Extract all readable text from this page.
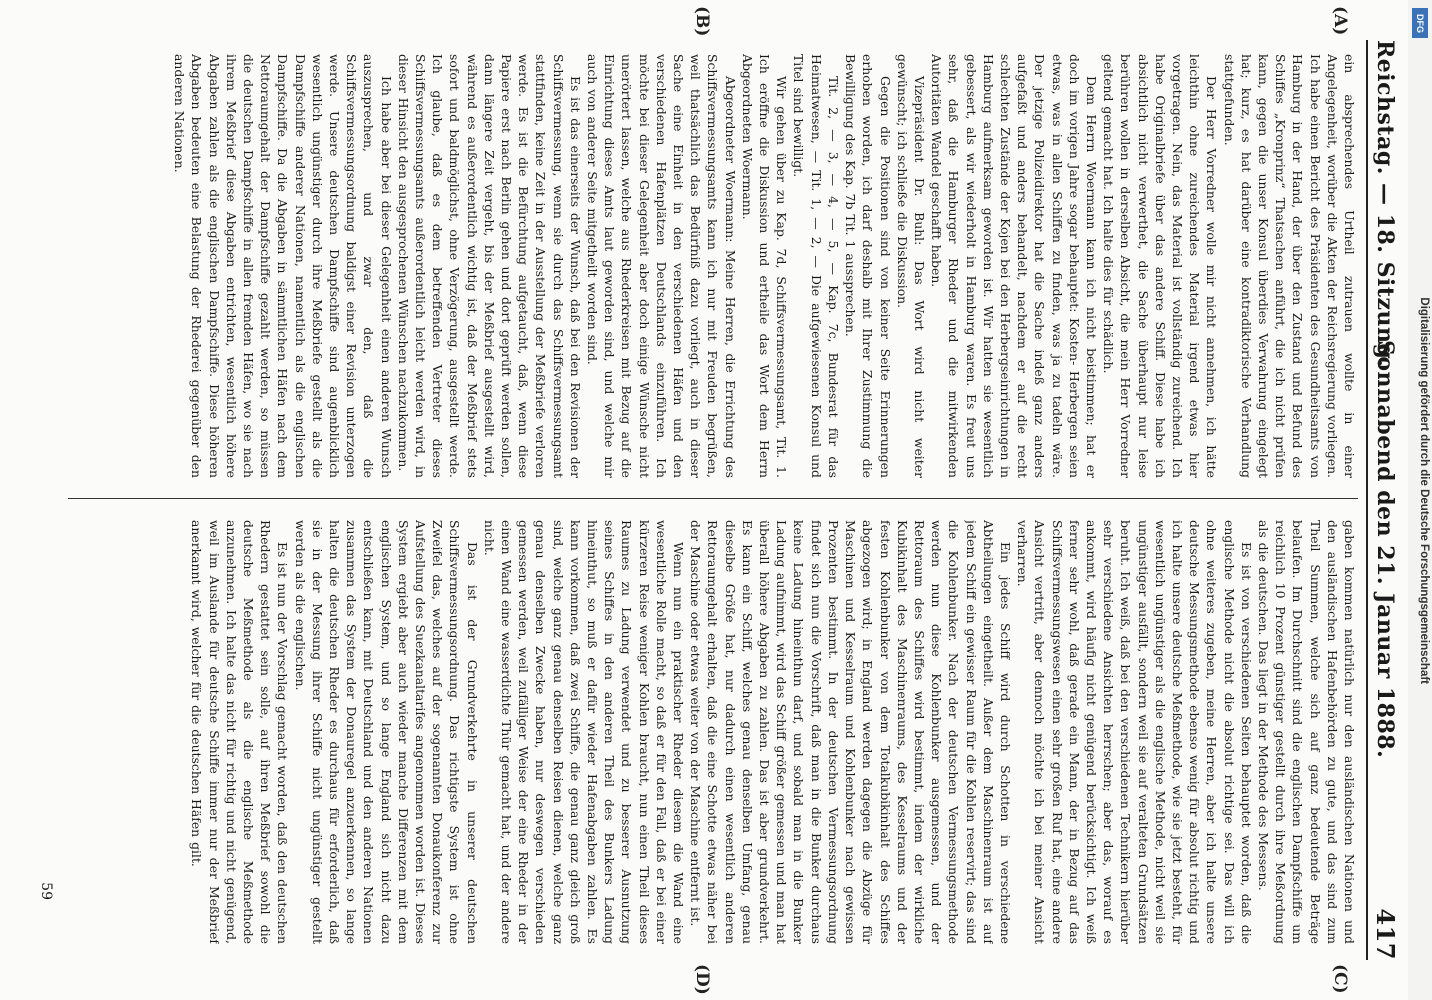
Reichstag. — 18. Sitzung.
Sonnabend den 21. Januar 1888.
417
(A)
(B)
(C)
(D)

ein absprechendes Urtheil zutrauen wollte in einer Angelegenheit, worüber die Akten der Reichsregierung vorliegen. Ich habe einen Bericht des Präsidenten des Gesundheitsamts von Hamburg in der Hand, der über den Zustand und Befund des Schiffes „Kronprinz“ Thatsachen anführt, die ich nicht prüfen kann, gegen die unser Konsul überdies Verwahrung eingelegt hat; kurz, es hat darüber eine kontradiktorische Verhandlung stattgefunden.

Der Herr Vorredner wolle mir nicht annehmen, ich hätte leichthin ohne zureichendes Material irgend etwas hier vorgetragen. Nein, das Material ist vollständig zureichend. Ich habe Originalbriefe über das andere Schiff. Diese habe ich absichtlich nicht verwerthet, die Sache überhaupt nur leise berühren wollen in derselben Absicht, die mein Herr Vorredner geltend gemacht hat. Ich halte dies für schädlich.

Dem Herrn Woermann kann ich nicht beistimmen; hat er doch im vorigen Jahre sogar behauptet: Kosten- Herbergen seien etwas, was in allen Schiffen zu finden, was ja zu tadeln wäre. Der jetzige Polizeidirektor hat die Sache indeß ganz anders aufgefaßt und anders behandelt, nachdem er auf die recht schlechten Zustände der Kojen bei den Herbergseinrichtungen in Hamburg aufmerksam geworden ist. Wir hatten sie wesentlich gebessert, als wir wiederholt in Hamburg waren. Es freut uns sehr, daß die Hamburger Rheder und die mitwirkenden Autoritäten Wandel geschafft haben.

Vizepräsident Dr. Buhl: Das Wort wird nicht weiter gewünscht; ich schließe die Diskussion.

Gegen die Positionen sind von keiner Seite Erinnerungen erhoben worden, ich darf deshalb mit Ihrer Zustimmung die Bewilligung des Kap. 7b Tit. 1 aussprechen.

Tit. 2, — 3, — 4, — 5, — Kap. 7c, Bundesrat für das Heimatwesen, — Tit. 1, — 2, — Die aufgewiesenen Konsul und Titel sind bewilligt.

Wir gehen über zu Kap. 7d, Schiffsvermessungsamt, Tit. 1. Ich eröffne die Diskussion und ertheile das Wort dem Herrn Abgeordneten Woermann.

Abgeordneter Woermann: Meine Herren, die Errichtung des Schiffsvermessungsamts kann ich nur mit Freuden begrüßen, weil thatsächlich das Bedürfniß dazu vorliegt, auch in dieser Sache eine Einheit in den verschiedenen Häfen und den verschiedenen Hafenplätzen Deutschlands einzuführen. Ich möchte bei dieser Gelegenheit aber doch einige Wünsche nicht unerörtert lassen, welche aus Rhederkreisen mit Bezug auf die Einrichtung dieses Amts laut geworden sind, und welche mir auch von anderer Seite mitgetheilt worden sind.

Es ist das einerseits der Wunsch, daß bei den Revisionen der Schiffsvermessung, wenn sie durch das Schiffsvermessungsamt stattfinden, keine Zeit in der Ausstellung der Meßbriefe verloren werde. Es ist die Befürchtung aufgetaucht, daß, wenn diese Papiere erst nach Berlin gehen und dort geprüft werden sollen, dann längere Zeit vergeht, bis der Meßbrief ausgestellt wird, während es außerordentlich wichtig ist, daß der Meßbrief stets sofort und baldmöglichst, ohne Verzögerung, ausgestellt werde. Ich glaube, daß es dem betreffenden Vertreter dieses Schiffsvermessungsamts außerordentlich leicht werden wird, in dieser Hinsicht den ausgesprochenen Wünschen nachzukommen.

Ich habe aber bei dieser Gelegenheit einen anderen Wunsch auszusprechen, und zwar den, daß die Schiffsvermessungsordnung baldigst einer Revision unterzogen werde. Unsere deutschen Dampfschiffe sind augenblicklich wesentlich ungünstiger durch ihre Meßbriefe gestellt als die Dampfschiffe anderer Nationen, namentlich als die englischen Dampfschiffe. Da die Abgaben in sämmtlichen Häfen nach dem Nettoraumgehalt der Dampfschiffe gezahlt werden, so müssen die deutschen Dampfschiffe in allen fremden Häfen, wo sie nach ihrem Meßbrief diese Abgaben entrichten, wesentlich höhere Abgaben zahlen als die englischen Dampfschiffe. Diese höheren Abgaben bedeuten eine Belastung der Rhederei gegenüber den anderen Nationen.

gaben kommen natürlich nur den ausländischen Nationen und den ausländischen Hafenbehörden zu gute, und das sind zum Theil Summen, welche sich auf ganz bedeutende Beträge belaufen. Im Durchschnitt sind die englischen Dampfschiffe um reichlich 10 Prozent günstiger gestellt durch ihre Meßordnung als die deutschen. Das liegt in der Methode des Messens.

Es ist von verschiedenen Seiten behauptet worden, daß die englische Methode nicht die absolut richtige sei. Das will ich ohne weiteres zugeben, meine Herren, aber ich halte unsere deutsche Messungsmethode ebenso wenig für absolut richtig und ich halte unsere deutsche Meßmethode, wie sie jetzt besteht, für wesentlich ungünstiger als die englische Methode, nicht weil sie ungünstiger ausfällt, sondern weil sie auf veralteten Grundsätzen beruht. Ich weiß, daß bei den verschiedenen Technikern hierüber sehr verschiedene Ansichten herrschen; aber das, worauf es ankommt, wird häufig nicht genügend berücksichtigt. Ich weiß ferner sehr wohl, daß gerade ein Mann, der in Bezug auf das Schiffsvermessungswesen einen sehr großen Ruf hat, eine andere Ansicht vertritt, aber dennoch möchte ich bei meiner Ansicht verharren.

Ein jedes Schiff wird durch Schotten in verschiedene Abtheilungen eingetheilt. Außer dem Maschinenraum ist auf jedem Schiff ein gewisser Raum für die Kohlen reservirt; das sind die Kohlenbunker. Nach der deutschen Vermessungsmethode werden nun diese Kohlenbunker ausgemessen, und der Rettoraum des Schiffes wird bestimmt, indem der wirkliche Kubikinhalt des Maschinenraums, des Kesselraums und der festen Kohlenbunker von dem Totalkubikinhalt des Schiffes abgezogen wird; in England werden dagegen die Abzüge für Maschinen und Kesselraum und Kohlenbunker nach gewissen Prozenten bestimmt. In der deutschen Vermessungsordnung findet sich nun die Vorschrift, daß man in die Bunker durchaus keine Ladung hineinthun darf, und sobald man in die Bunker Ladung aufnimmt, wird das Schiff größer gemessen und man hat überall höhere Abgaben zu zahlen. Das ist aber grundverkehrt. Es kann ein Schiff, welches genau denselben Umfang, genau dieselbe Größe hat, nur dadurch einen wesentlich anderen Rettoraumgehalt erhalten, daß die eine Schotte etwas näher bei der Maschine oder etwas weiter von der Maschine entfernt ist.

Wenn nun ein praktischer Rheder diesem die Wand eine wesentliche Rolle macht, so daß er für den Fall, daß er bei einer kürzeren Reise weniger Kohlen braucht, nun einen Theil dieses Raumes zu Ladung verwendet und zu besserer Ausnutzung seines Schiffes in den anderen Theil des Bunkers Ladung hineinthut, so muß er dafür wieder Hafenabgaben zahlen. Es kann vorkommen, daß zwei Schiffe, die genau ganz gleich groß sind, welche ganz genau denselben Reisen dienen, welche ganz genau denselben Zwecke haben, nur deswegen verschieden gemessen werden, weil zufälliger Weise der eine Rheder in der einen Wand eine wasserdichte Thür gemacht hat, und der andere nicht.

Das ist der Grundverkehrte in unserer deutschen Schiffsvermessungsordnung. Das richtigste System ist ohne Zweifel das, welches auf der sogenannten Donaukonferenz zur Aufstellung des Suezkanaltarifes angenommen worden ist. Dieses System ergiebt aber auch wieder manche Differenzen mit dem englischen System, und so lange England sich nicht dazu entschließen kann, mit Deutschland und den anderen Nationen zusammen das System der Donauregel anzuerkennen, so lange halten die deutschen Rheder es durchaus für erforderlich, daß sie in der Messung ihrer Schiffe nicht ungünstiger gestellt werden als die englischen.

Es ist nun der Vorschlag gemacht worden, daß den deutschen Rhedern gestattet sein solle, auf ihren Meßbrief sowohl die deutsche Meßmethode als die englische Meßmethode anzunehmen. Ich halte das nicht für richtig und nicht genügend, weil im Auslande für deutsche Schiffe immer nur der Meßbrief anerkannt wird, welcher für die deutschen Häfen gilt.

59
DFG
Digitalisierung gefördert durch die Deutsche Forschungsgemeinschaft
